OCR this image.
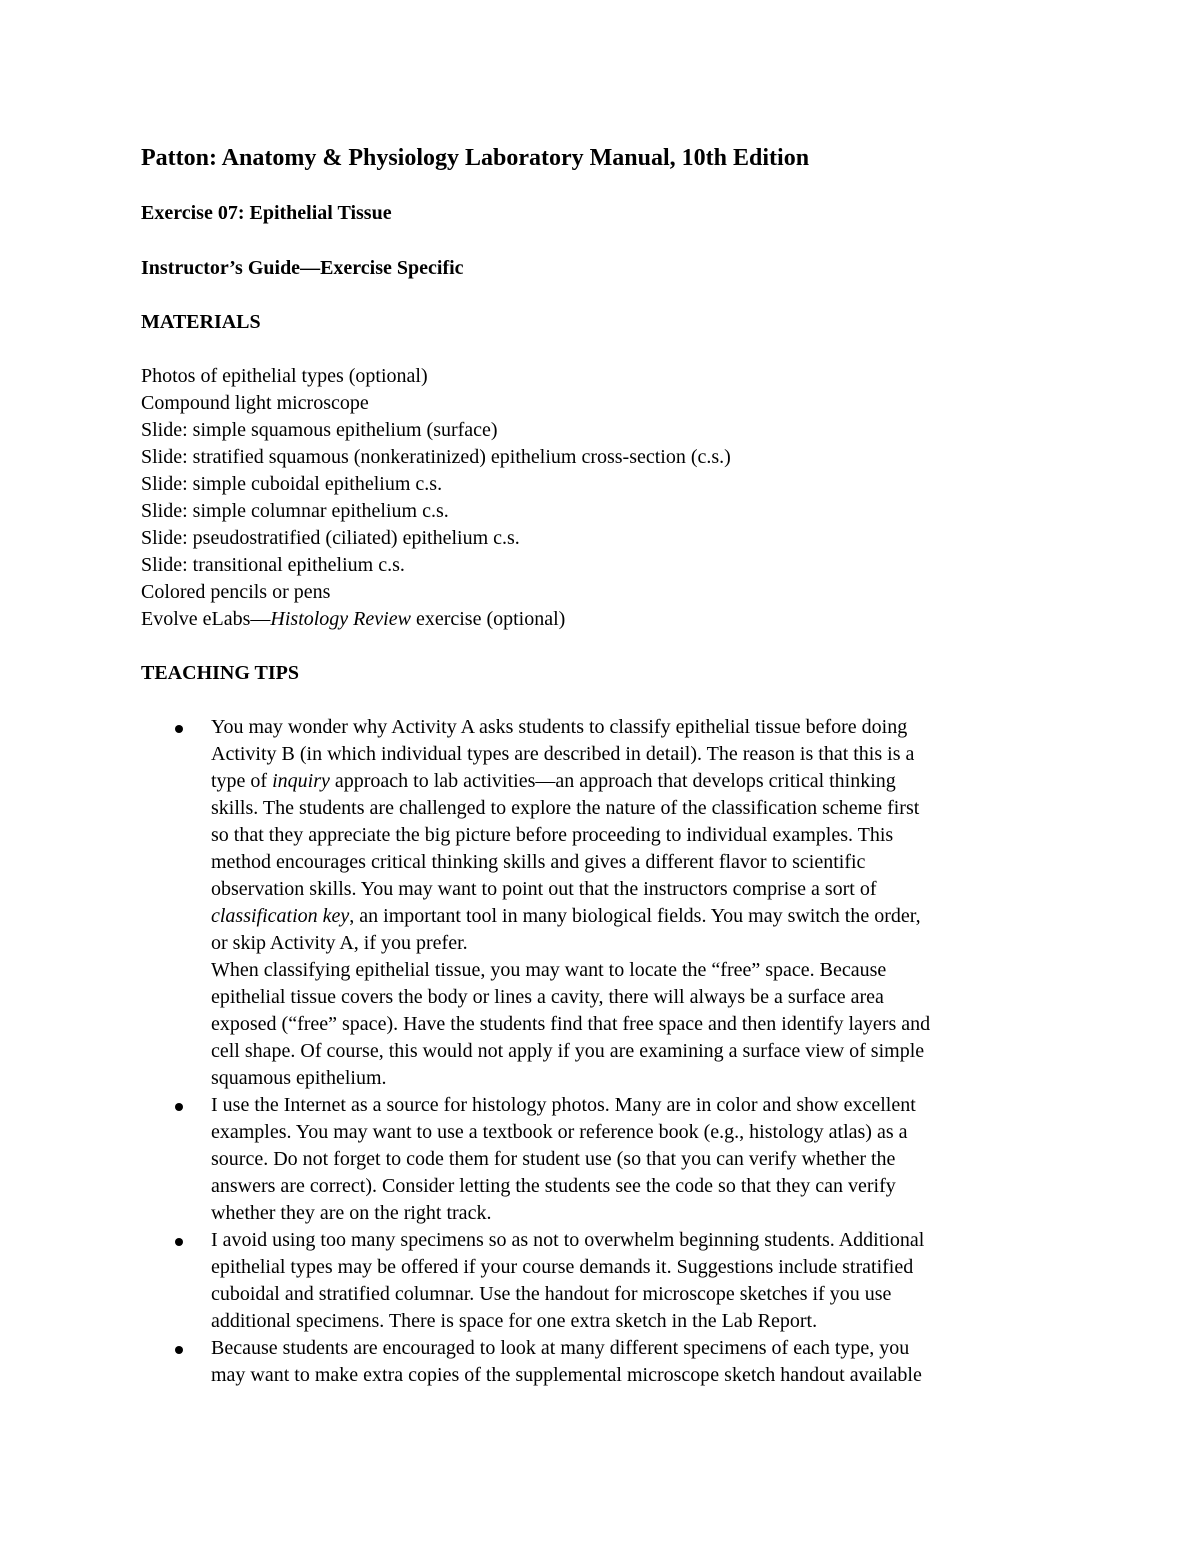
Patton: Anatomy & Physiology Laboratory Manual, 10th Edition
Exercise 07: Epithelial Tissue
Instructor’s Guide—Exercise Specific
MATERIALS
Photos of epithelial types (optional)
Compound light microscope
Slide: simple squamous epithelium (surface)
Slide: stratified squamous (nonkeratinized) epithelium cross-section (c.s.)
Slide: simple cuboidal epithelium c.s.
Slide: simple columnar epithelium c.s.
Slide: pseudostratified (ciliated) epithelium c.s.
Slide: transitional epithelium c.s.
Colored pencils or pens
Evolve eLabs—Histology Review exercise (optional)
TEACHING TIPS

You may wonder why Activity A asks students to classify epithelial tissue before doing
Activity B (in which individual types are described in detail). The reason is that this is a
type of inquiry approach to lab activities—an approach that develops critical thinking
skills. The students are challenged to explore the nature of the classification scheme first
so that they appreciate the big picture before proceeding to individual examples. This
method encourages critical thinking skills and gives a different flavor to scientific
observation skills. You may want to point out that the instructors comprise a sort of
classification key, an important tool in many biological fields. You may switch the order,
or skip Activity A, if you prefer.

When classifying epithelial tissue, you may want to locate the “free” space. Because
epithelial tissue covers the body or lines a cavity, there will always be a surface area
exposed (“free” space). Have the students find that free space and then identify layers and
cell shape. Of course, this would not apply if you are examining a surface view of simple
squamous epithelium.

I use the Internet as a source for histology photos. Many are in color and show excellent
examples. You may want to use a textbook or reference book (e.g., histology atlas) as a
source. Do not forget to code them for student use (so that you can verify whether the
answers are correct). Consider letting the students see the code so that they can verify
whether they are on the right track.

I avoid using too many specimens so as not to overwhelm beginning students. Additional
epithelial types may be offered if your course demands it. Suggestions include stratified
cuboidal and stratified columnar. Use the handout for microscope sketches if you use
additional specimens. There is space for one extra sketch in the Lab Report.

Because students are encouraged to look at many different specimens of each type, you
may want to make extra copies of the supplemental microscope sketch handout available
